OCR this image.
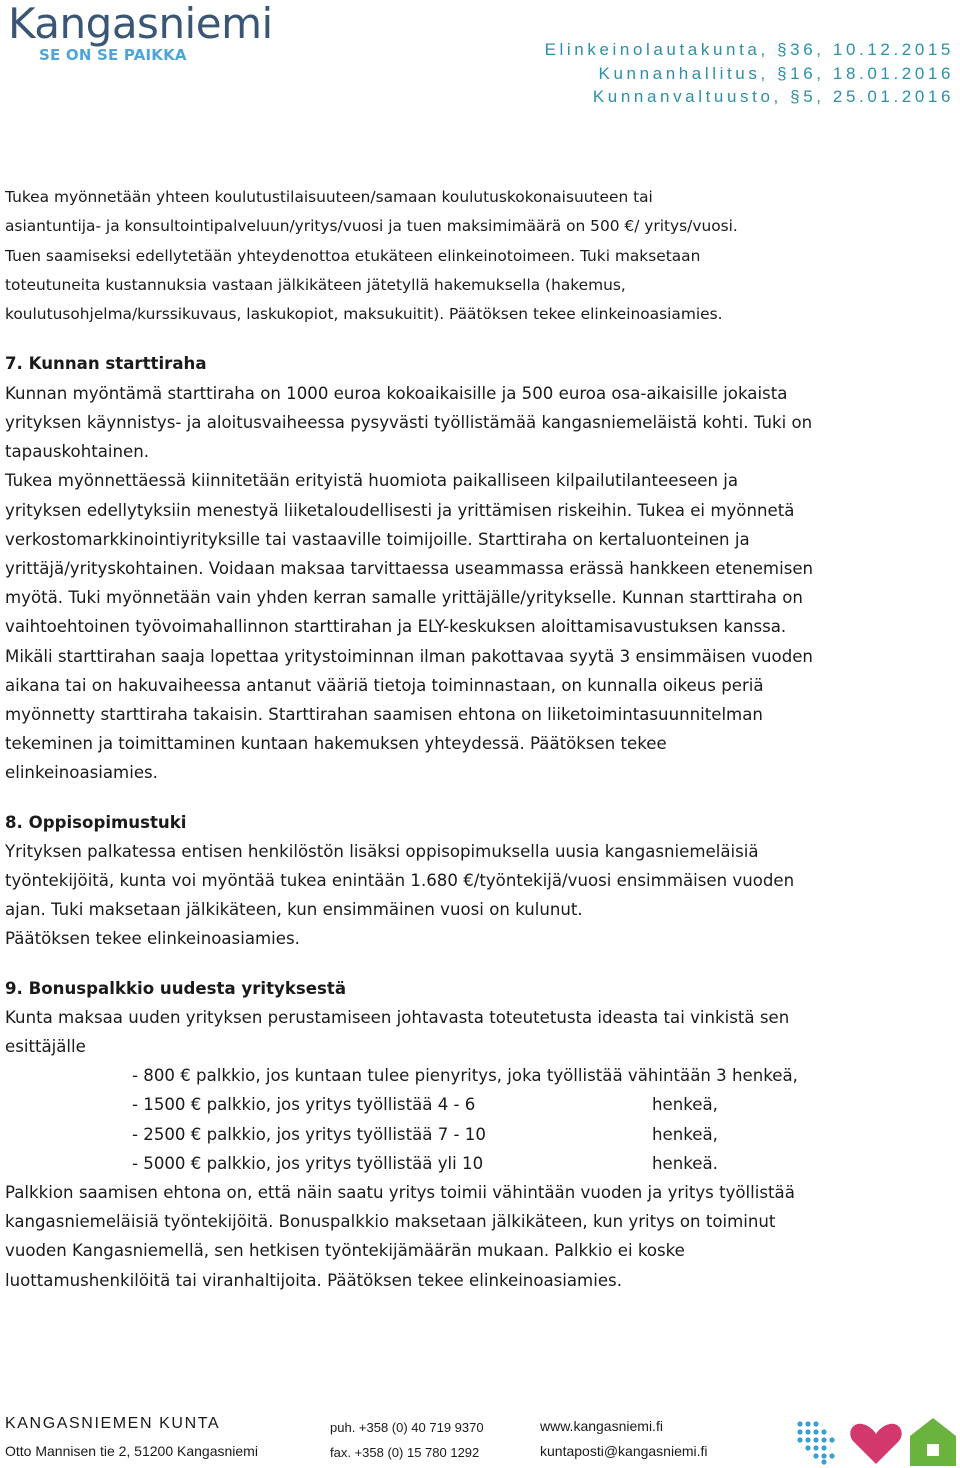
Kangasniemi
SE ON SE PAIKKA	Elinkeinolautakunta, §36, 10.12.2015
Kunnanhallitus, §16, 18.01.2016
Kunnanvaltuusto, §5, 25.01.2016
Tukea myönnetään yhteen koulutustilaisuuteen/samaan koulutuskokonaisuuteen tai
asiantuntija- ja konsultointipalveluun/yritys/vuosi ja tuen maksimimäärä on 500 €/ yritys/vuosi.
Tuen saamiseksi edellytetään yhteydenottoa etukäteen elinkeinotoimeen. Tuki maksetaan
toteutuneita kustannuksia vastaan jälkikäteen jätetyllä hakemuksella (hakemus,
koulutusohjelma/kurssikuvaus, laskukopiot, maksukuitit). Päätöksen tekee elinkeinoasiamies.
7. Kunnan starttiraha
Kunnan myöntämä starttiraha on 1000 euroa kokoaikaisille ja 500 euroa osa-aikaisille jokaista
yrityksen käynnistys- ja aloitusvaiheessa pysyvästi työllistämää kangasniemeläistä kohti. Tuki on
tapauskohtainen.
Tukea myönnettäessä kiinnitetään erityistä huomiota paikalliseen kilpailutilanteeseen ja
yrityksen edellytyksiin menestyä liiketaloudellisesti ja yrittämisen riskeihin. Tukea ei myönnetä
verkostomarkkinointiyrityksille tai vastaaville toimijoille. Starttiraha on kertaluonteinen ja
yrittäjä/yrityskohtainen. Voidaan maksaa tarvittaessa useammassa erässä hankkeen etenemisen
myötä. Tuki myönnetään vain yhden kerran samalle yrittäjälle/yritykselle. Kunnan starttiraha on
vaihtoehtoinen työvoimahallinnon starttirahan ja ELY-keskuksen aloittamisavustuksen kanssa.
Mikäli starttirahan saaja lopettaa yritystoiminnan ilman pakottavaa syytä 3 ensimmäisen vuoden
aikana tai on hakuvaiheessa antanut vääriä tietoja toiminnastaan, on kunnalla oikeus periä
myönnetty starttiraha takaisin. Starttirahan saamisen ehtona on liiketoimintasuunnitelman
tekeminen ja toimittaminen kuntaan hakemuksen yhteydessä. Päätöksen tekee
elinkeinoasiamies.
8. Oppisopimustuki
Yrityksen palkatessa entisen henkilöstön lisäksi oppisopimuksella uusia kangasniemeläisiä
työntekijöitä, kunta voi myöntää tukea enintään 1.680 €/työntekijä/vuosi ensimmäisen vuoden
ajan. Tuki maksetaan jälkikäteen, kun ensimmäinen vuosi on kulunut.
Päätöksen tekee elinkeinoasiamies.
9. Bonuspalkkio uudesta yrityksestä
Kunta maksaa uuden yrityksen perustamiseen johtavasta toteutetusta ideasta tai vinkistä sen
esittäjälle
- 800 € palkkio, jos kuntaan tulee pienyritys, joka työllistää vähintään 3 henkeä,
- 1500 € palkkio, jos yritys työllistää 4 - 6	henkeä,
- 2500 € palkkio, jos yritys työllistää 7 - 10	henkeä,
- 5000 € palkkio, jos yritys työllistää yli 10	henkeä.
Palkkion saamisen ehtona on, että näin saatu yritys toimii vähintään vuoden ja yritys työllistää
kangasniemeläisiä työntekijöitä. Bonuspalkkio maksetaan jälkikäteen, kun yritys on toiminut
vuoden Kangasniemellä, sen hetkisen työntekijämäärän mukaan. Palkkio ei koske
luottamushenkilöitä tai viranhaltijoita. Päätöksen tekee elinkeinoasiamies.
KANGASNIEMEN KUNTA
Otto Mannisen tie 2, 51200 Kangasniemi
puh. +358 (0) 40 719 9370
fax. +358 (0) 15 780 1292
www.kangasniemi.fi
kuntaposti@kangasniemi.fi
